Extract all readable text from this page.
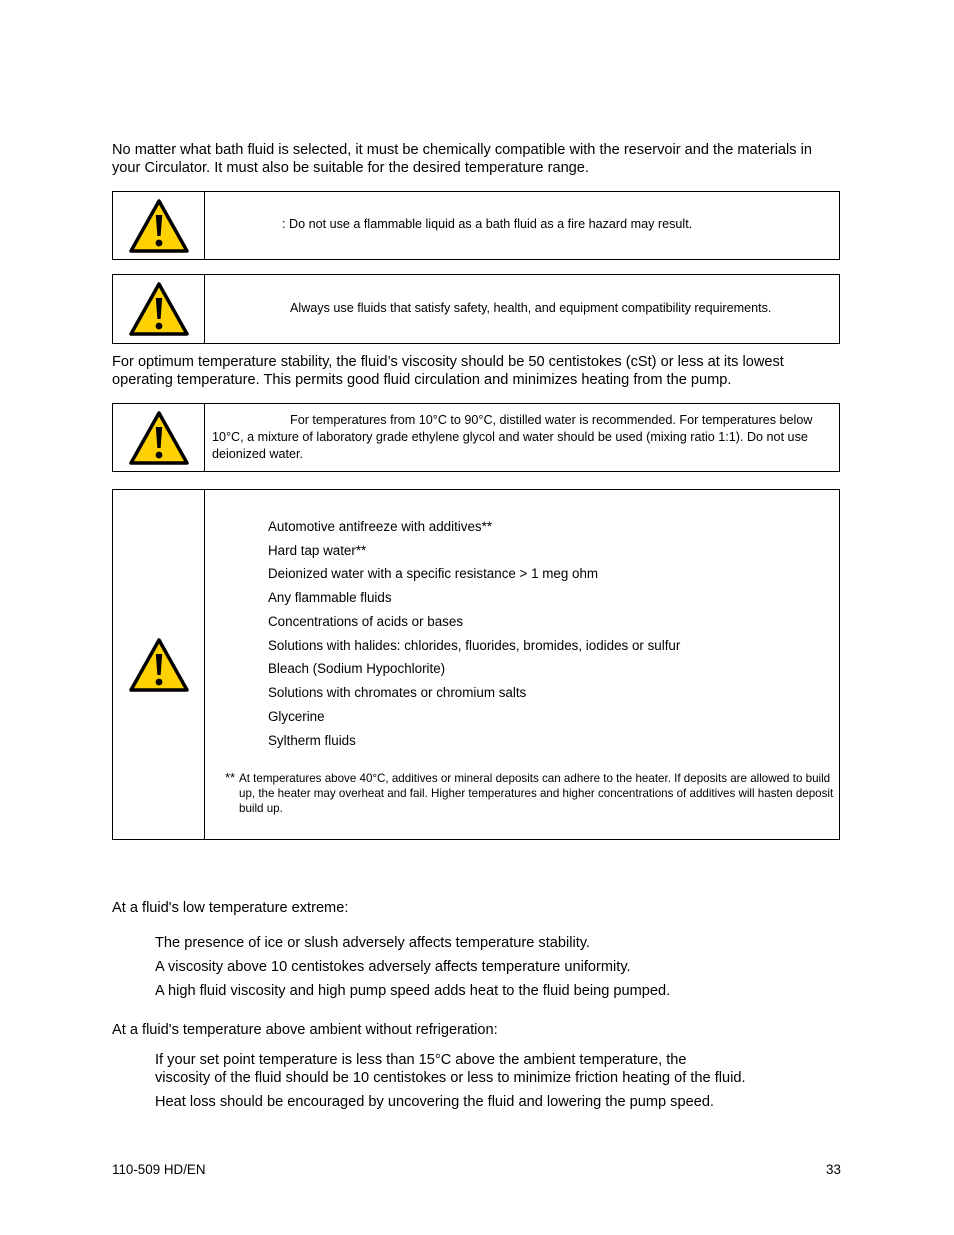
No matter what bath fluid is selected, it must be chemically compatible with the reservoir and the materials in your Circulator. It must also be suitable for the desired temperature range.

: Do not use a flammable liquid as a bath fluid as a fire hazard may result.
Always use fluids that satisfy safety, health, and equipment compatibility requirements.

For optimum temperature stability, the fluid’s viscosity should be 50 centistokes (cSt) or less at its lowest operating temperature. This permits good fluid circulation and minimizes heating from the pump.

For temperatures from 10°C to 90°C, distilled water is recommended. For temperatures below 10°C, a mixture of laboratory grade ethylene glycol and water should be used (mixing ratio 1:1). Do not use deionized water.
Automotive antifreeze with additives**
Hard tap water**
Deionized water with a specific resistance > 1 meg ohm
Any flammable fluids
Concentrations of acids or bases
Solutions with halides: chlorides, fluorides, bromides, iodides or sulfur
Bleach (Sodium Hypochlorite)
Solutions with chromates or chromium salts
Glycerine
Syltherm fluids
** At temperatures above 40°C, additives or mineral deposits can adhere to the heater. If deposits are allowed to build up, the heater may overheat and fail. Higher temperatures and higher concentrations of additives will hasten deposit build up.
At a fluid's low temperature extreme:
The presence of ice or slush adversely affects temperature stability.
A viscosity above 10 centistokes adversely affects temperature uniformity.
A high fluid viscosity and high pump speed adds heat to the fluid being pumped.
At a fluid's temperature above ambient without refrigeration:
If your set point temperature is less than 15°C above the ambient temperature, the
viscosity of the fluid should be 10 centistokes or less to minimize friction heating of the fluid.
Heat loss should be encouraged by uncovering the fluid and lowering the pump speed.
110-509 HD/EN	33
